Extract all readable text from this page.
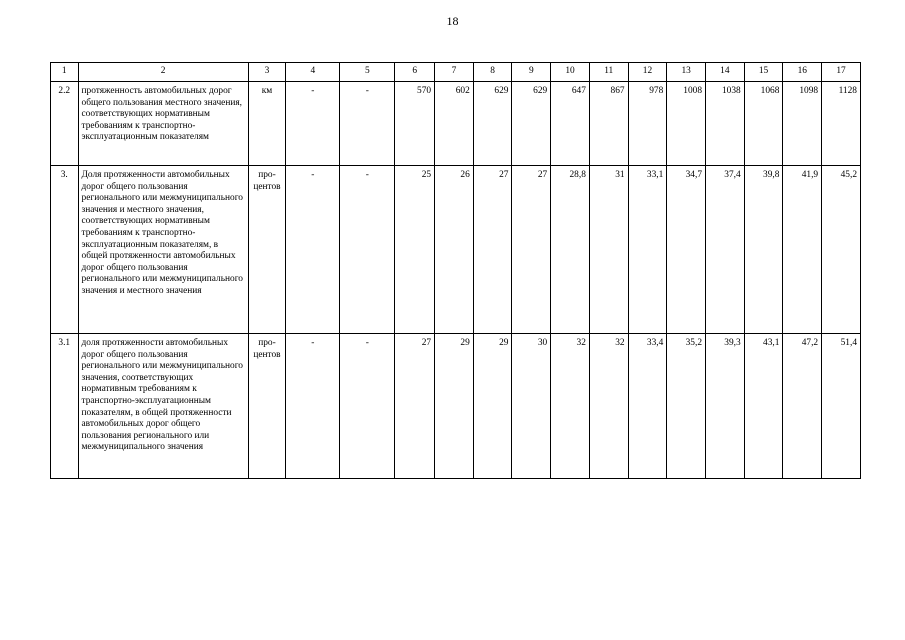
18
1	2	3	4	5	6	7	8	9	10	11	12	13	14	15	16	17
2.2	протяженность автомобильных дорог общего пользования местного значения, соответствующих нормативным требованиям к транспортно-эксплуатационным показателям	км	-	-	570	602	629	629	647	867	978	1008	1038	1068	1098	1128
3.	Доля протяженности автомобильных дорог общего пользования регионального или межмуниципального значения и местного значения, соответствующих нормативным требованиям к транспортно-эксплуатационным показателям, в общей протяженности автомобильных дорог общего пользования регионального или межмуниципального значения и местного значения	про-центов	-	-	25	26	27	27	28,8	31	33,1	34,7	37,4	39,8	41,9	45,2
3.1	доля протяженности автомобильных дорог общего пользования регионального или межмуниципального значения, соответствующих нормативным требованиям к транспортно-эксплуатационным показателям, в общей протяженности автомобильных дорог общего пользования регионального или межмуниципального значения	про-центов	-	-	27	29	29	30	32	32	33,4	35,2	39,3	43,1	47,2	51,4
